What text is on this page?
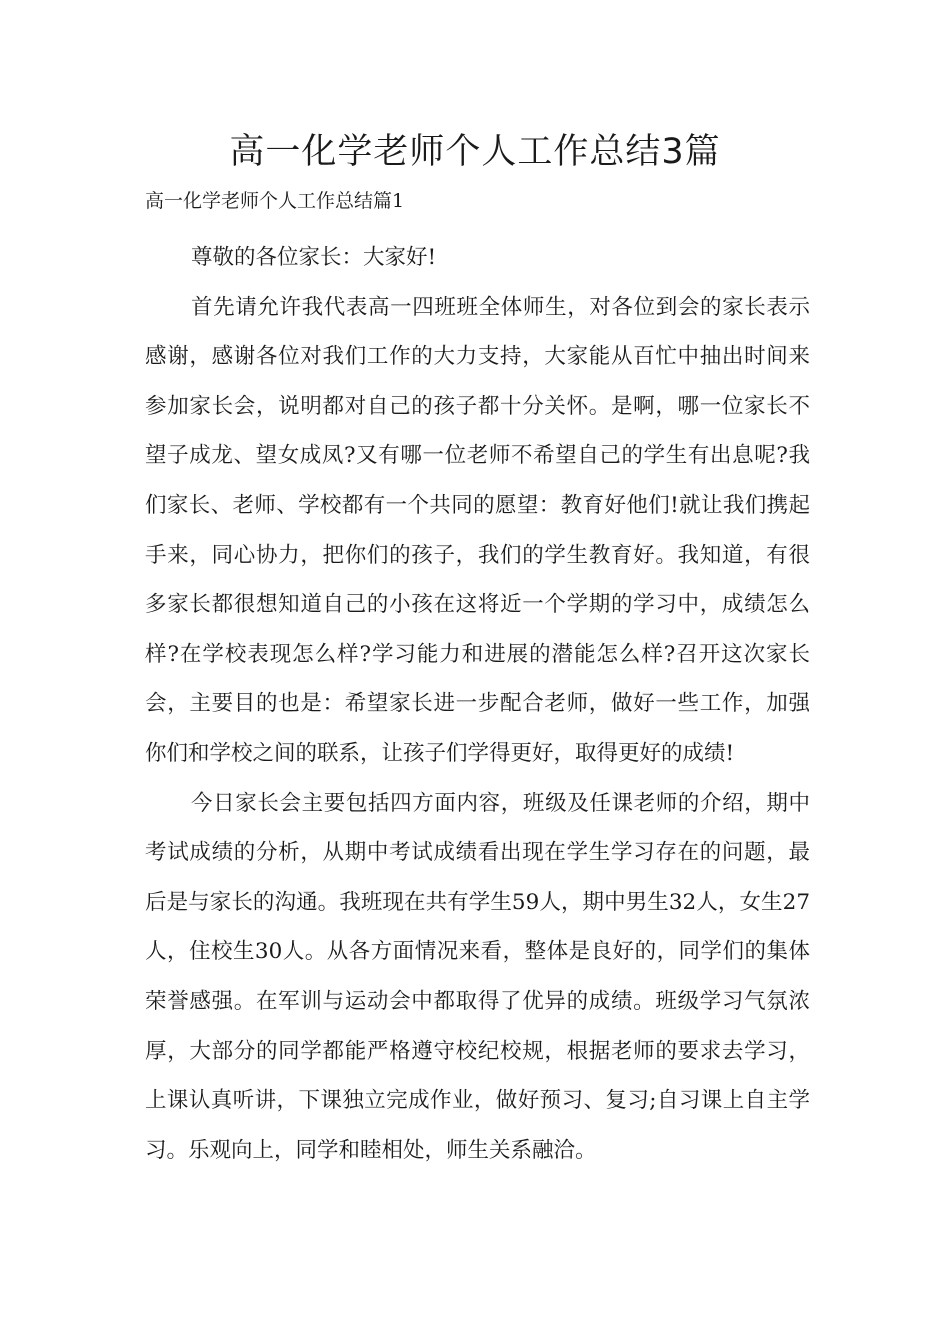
高一化学老师个人工作总结3篇

高一化学老师个人工作总结篇1

尊敬的各位家长：大家好!

首先请允许我代表高一四班班全体师生，对各位到会的家长表示感谢，感谢各位对我们工作的大力支持，大家能从百忙中抽出时间来参加家长会，说明都对自己的孩子都十分关怀。是啊，哪一位家长不望子成龙、望女成凤?又有哪一位老师不希望自己的学生有出息呢?我们家长、老师、学校都有一个共同的愿望：教育好他们!就让我们携起手来，同心协力，把你们的孩子，我们的学生教育好。我知道，有很多家长都很想知道自己的小孩在这将近一个学期的学习中，成绩怎么样?在学校表现怎么样?学习能力和进展的潜能怎么样?召开这次家长会，主要目的也是：希望家长进一步配合老师，做好一些工作，加强你们和学校之间的联系，让孩子们学得更好，取得更好的成绩!

今日家长会主要包括四方面内容，班级及任课老师的介绍，期中考试成绩的分析，从期中考试成绩看出现在学生学习存在的问题，最后是与家长的沟通。我班现在共有学生59人，期中男生32人，女生27人，住校生30人。从各方面情况来看，整体是良好的，同学们的集体荣誉感强。在军训与运动会中都取得了优异的成绩。班级学习气氛浓厚，大部分的同学都能严格遵守校纪校规，根据老师的要求去学习，上课认真听讲，下课独立完成作业，做好预习、复习;自习课上自主学习。乐观向上，同学和睦相处，师生关系融洽。
